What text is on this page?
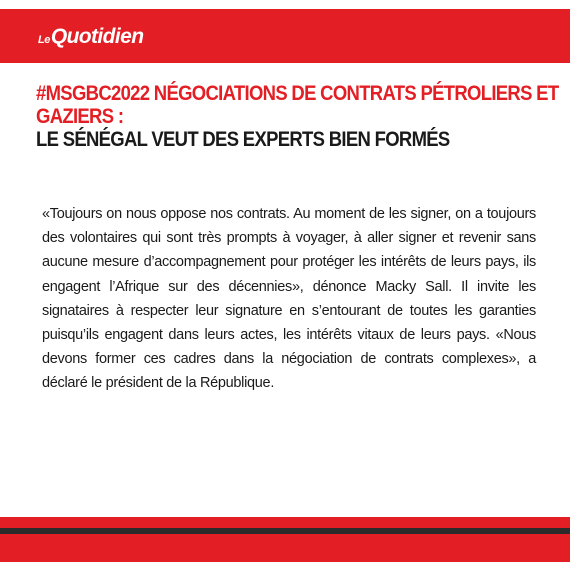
Le Quotidien
#MSGBC2022 NÉGOCIATIONS DE CONTRATS PÉTROLIERS ET
GAZIERS :
LE SÉNÉGAL VEUT DES EXPERTS BIEN FORMÉS

«Toujours on nous oppose nos contrats. Au moment de les signer, on a toujours des volontaires qui sont très prompts à voyager, à aller signer et revenir sans aucune mesure d’accompagnement pour protéger les intérêts de leurs pays, ils engagent l’Afrique sur des décennies», dénonce Macky Sall. Il invite les signataires à respecter leur signature en s’entourant de toutes les garanties puisqu’ils engagent dans leurs actes, les intérêts vitaux de leurs pays. «Nous devons former ces cadres dans la négociation de contrats complexes», a déclaré le président de la République.
